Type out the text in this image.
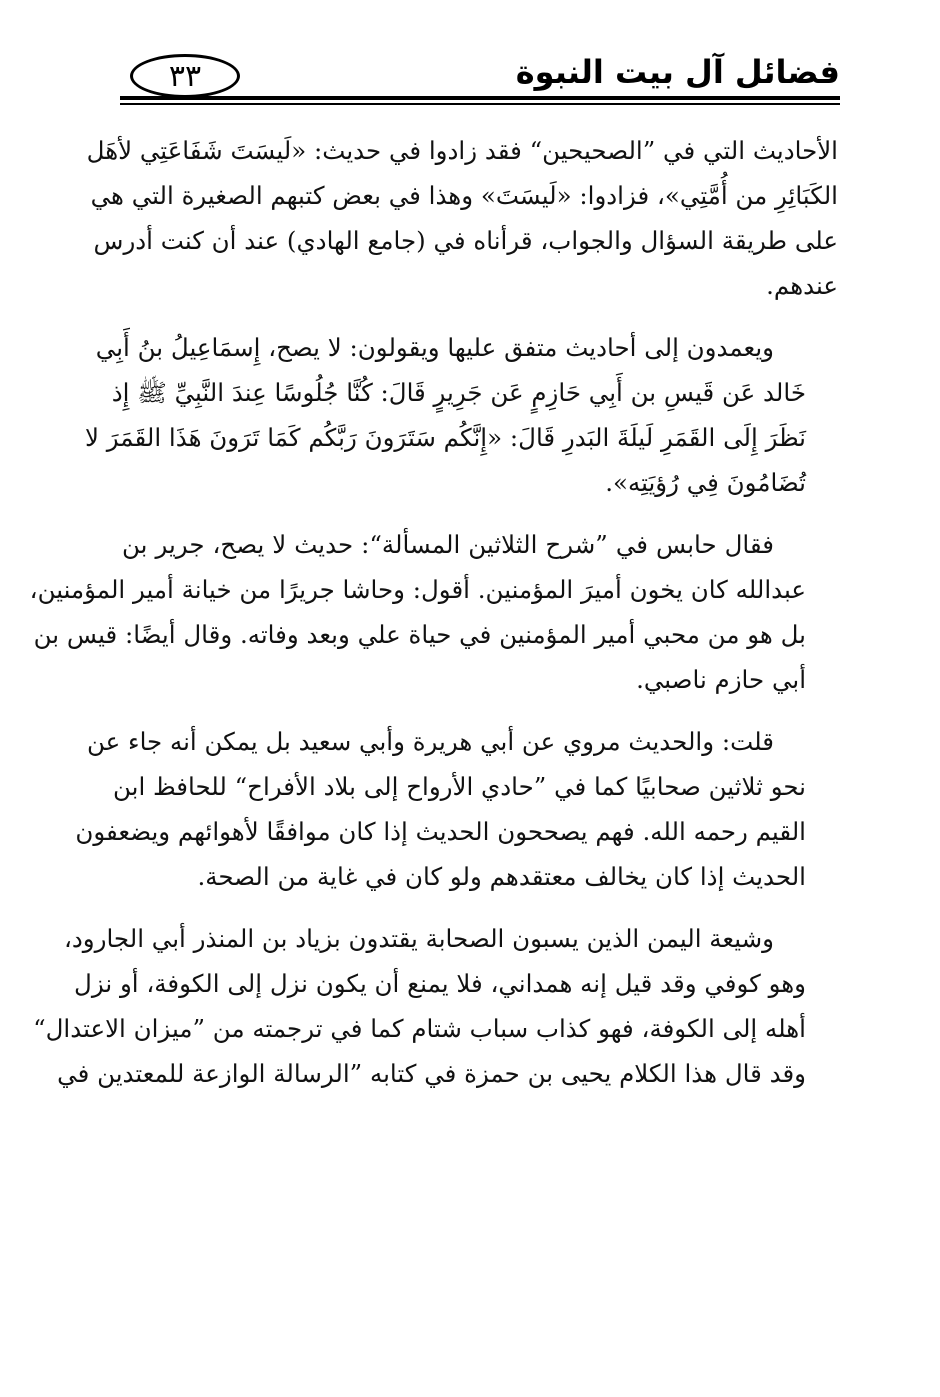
٣٣	فضائل آل بيت النبوة

الأحاديث التي في ”الصحيحين“ فقد زادوا في حديث: «لَيسَتَ شَفَاعَتِي لأهَل
الكَبَائِرِ من أُمَّتِي»، فزادوا: «لَيسَتَ» وهذا في بعض كتبهم الصغيرة التي هي
على طريقة السؤال والجواب، قرأناه في (جامع الهادي) عند أن كنت أدرس
عندهم.

ويعمدون إلى أحاديث متفق عليها ويقولون: لا يصح، إِسمَاعِيلُ بنُ أَبِي
خَالد عَن قَيسِ بن أَبِي حَازِمٍ عَن جَرِيرٍ قَالَ: كُنَّا جُلُوسًا عِندَ النَّبِيِّ ﷺ إِذ
نَظَرَ إِلَى القَمَرِ لَيلَةَ البَدرِ قَالَ: «إِنَّكُم سَتَرَونَ رَبَّكُم كَمَا تَرَونَ هَذَا القَمَرَ لا
تُضَامُونَ فِي رُؤيَتِه».

فقال حابس في ”شرح الثلاثين المسألة“: حديث لا يصح، جرير بن
عبدالله كان يخون أميرَ المؤمنين. أقول: وحاشا جريرًا من خيانة أمير المؤمنين،
بل هو من محبي أمير المؤمنين في حياة علي وبعد وفاته. وقال أيضًا: قيس بن
أبي حازم ناصبي.

قلت: والحديث مروي عن أبي هريرة وأبي سعيد بل يمكن أنه جاء عن
نحو ثلاثين صحابيًا كما في ”حادي الأرواح إلى بلاد الأفراح“ للحافظ ابن
القيم رحمه الله. فهم يصححون الحديث إذا كان موافقًا لأهوائهم ويضعفون
الحديث إذا كان يخالف معتقدهم ولو كان في غاية من الصحة.

وشيعة اليمن الذين يسبون الصحابة يقتدون بزياد بن المنذر أبي الجارود،
وهو كوفي وقد قيل إنه همداني، فلا يمنع أن يكون نزل إلى الكوفة، أو نزل
أهله إلى الكوفة، فهو كذاب سباب شتام كما في ترجمته من ”ميزان الاعتدال“
وقد قال هذا الكلام يحيى بن حمزة في كتابه ”الرسالة الوازعة للمعتدين في
